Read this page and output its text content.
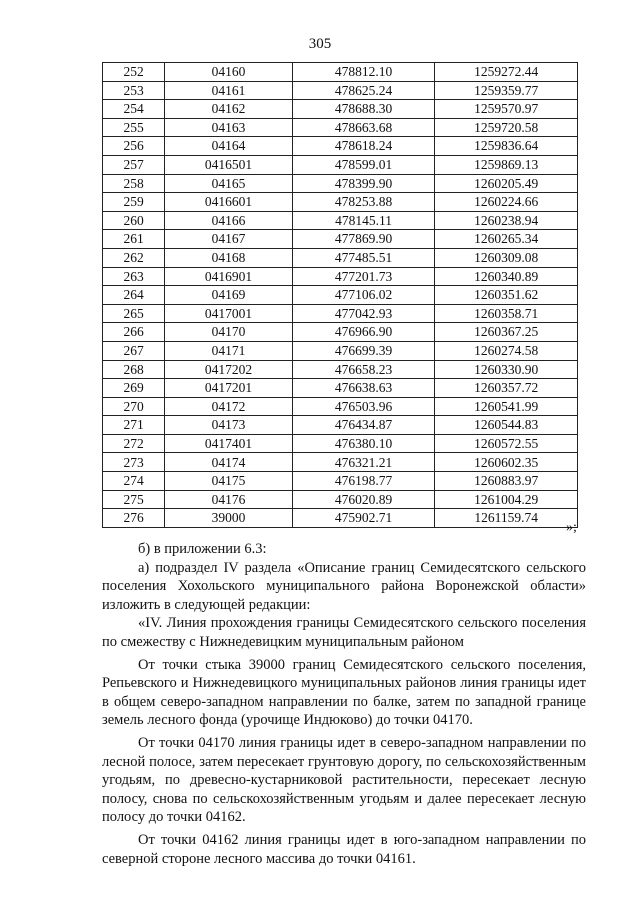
305
252	04160	478812.10	1259272.44
253	04161	478625.24	1259359.77
254	04162	478688.30	1259570.97
255	04163	478663.68	1259720.58
256	04164	478618.24	1259836.64
257	0416501	478599.01	1259869.13
258	04165	478399.90	1260205.49
259	0416601	478253.88	1260224.66
260	04166	478145.11	1260238.94
261	04167	477869.90	1260265.34
262	04168	477485.51	1260309.08
263	0416901	477201.73	1260340.89
264	04169	477106.02	1260351.62
265	0417001	477042.93	1260358.71
266	04170	476966.90	1260367.25
267	04171	476699.39	1260274.58
268	0417202	476658.23	1260330.90
269	0417201	476638.63	1260357.72
270	04172	476503.96	1260541.99
271	04173	476434.87	1260544.83
272	0417401	476380.10	1260572.55
273	04174	476321.21	1260602.35
274	04175	476198.77	1260883.97
275	04176	476020.89	1261004.29
276	39000	475902.71	1261159.74
»;

б) в приложении 6.3:

а) подраздел IV раздела «Описание границ Семидесятского сельского поселения Хохольского муниципального района Воронежской области» изложить в следующей редакции:

«IV. Линия прохождения границы Семидесятского сельского поселения по смежеству с Нижнедевицким муниципальным районом

От точки стыка 39000 границ Семидесятского сельского поселения, Репьевского и Нижнедевицкого муниципальных районов линия границы идет в общем северо-западном направлении по балке, затем по западной границе земель лесного фонда (урочище Индюково) до точки 04170.

От точки 04170 линия границы идет в северо-западном направлении по лесной полосе, затем пересекает грунтовую дорогу, по сельскохозяйственным угодьям, по древесно-кустарниковой растительности, пересекает лесную полосу, снова по сельскохозяйственным угодьям и далее пересекает лесную полосу до точки 04162.

От точки 04162 линия границы идет в юго-западном направлении по северной стороне лесного массива до точки 04161.
